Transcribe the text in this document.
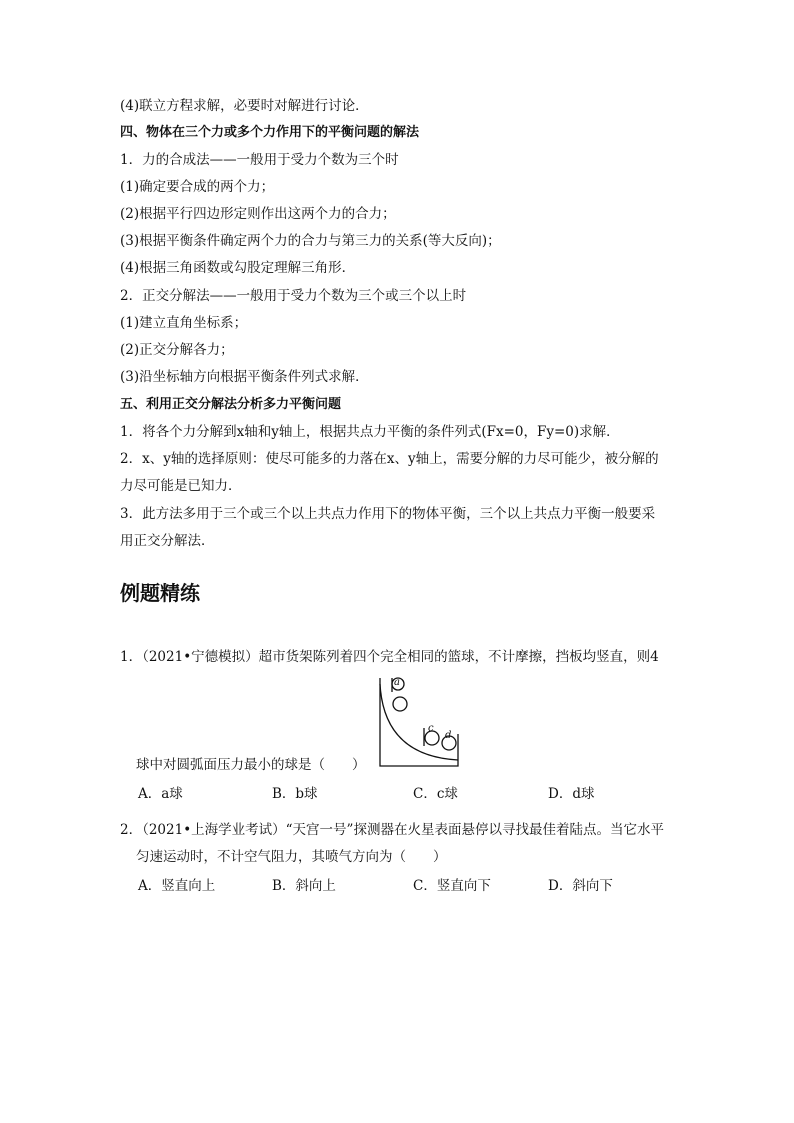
(4)联立方程求解，必要时对解进行讨论．
四、物体在三个力或多个力作用下的平衡问题的解法
1．力的合成法——一般用于受力个数为三个时
(1)确定要合成的两个力；
(2)根据平行四边形定则作出这两个力的合力；
(3)根据平衡条件确定两个力的合力与第三力的关系(等大反向)；
(4)根据三角函数或勾股定理解三角形．
2．正交分解法——一般用于受力个数为三个或三个以上时
(1)建立直角坐标系；
(2)正交分解各力；
(3)沿坐标轴方向根据平衡条件列式求解．
五、利用正交分解法分析多力平衡问题
1．将各个力分解到x轴和y轴上，根据共点力平衡的条件列式(Fx=0，Fy=0)求解．
2．x、y轴的选择原则：使尽可能多的力落在x、y轴上，需要分解的力尽可能少，被分解的
力尽可能是已知力．
3．此方法多用于三个或三个以上共点力作用下的物体平衡，三个以上共点力平衡一般要采
用正交分解法．
例题精练
1．（2021•宁德模拟）超市货架陈列着四个完全相同的篮球，不计摩擦，挡板均竖直，则4
a
c
d
球中对圆弧面压力最小的球是（　　）
A．a球	B．b球	C．c球	D．d球
2．（2021•上海学业考试）“天宫一号”探测器在火星表面悬停以寻找最佳着陆点。当它水平
匀速运动时，不计空气阻力，其喷气方向为（　　）
A．竖直向上	B．斜向上	C．竖直向下	D．斜向下
